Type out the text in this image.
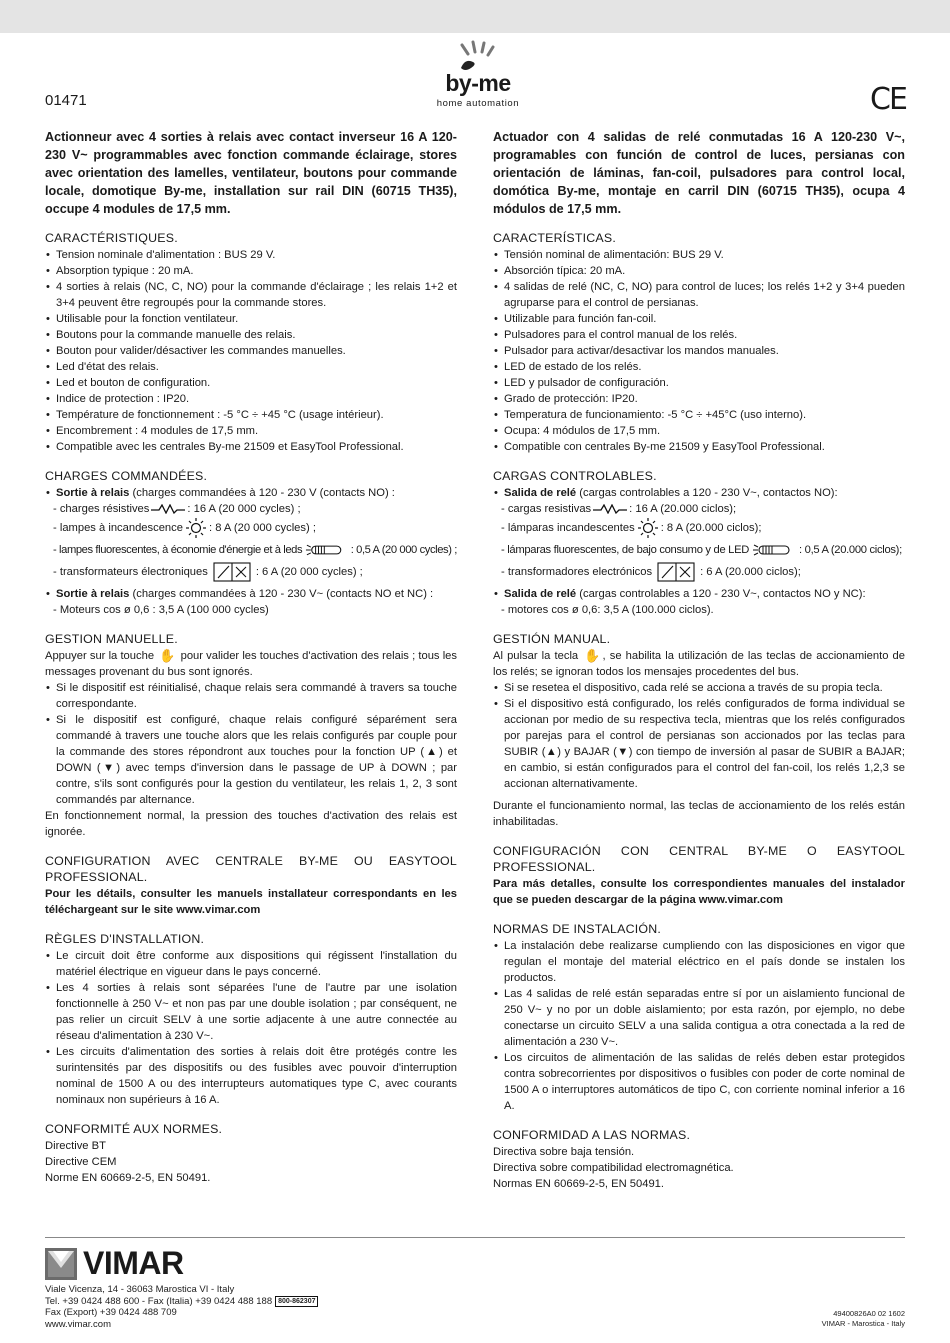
01471
by-me
home automation	CE

Actionneur avec 4 sorties à relais avec contact inverseur 16 A 120-230 V~ programmables avec fonction commande éclairage, stores avec orientation des lamelles, ventilateur, boutons pour commande locale, domotique By-me, installation sur rail DIN (60715 TH35), occupe 4 modules de 17,5 mm.

CARACTÉRISTIQUES.
• Tension nominale d'alimentation : BUS 29 V.
• Absorption typique : 20 mA.
• 4 sorties à relais (NC, C, NO) pour la commande d'éclairage ; les relais 1+2 et 3+4 peuvent être regroupés pour la commande stores.
• Utilisable pour la fonction ventilateur.
• Boutons pour la commande manuelle des relais.
• Bouton pour valider/désactiver les commandes manuelles.
• Led d'état des relais.
• Led et bouton de configuration.
• Indice de protection : IP20.
• Température de fonctionnement : -5 °C ÷ +45 °C (usage intérieur).
• Encombrement : 4 modules de 17,5 mm.
• Compatible avec les centrales By-me 21509 et EasyTool Professional.
CHARGES COMMANDÉES.
• Sortie à relais (charges commandées à 120 - 230 V (contacts NO) :
- charges résistives	: 16 A (20 000 cycles) ;
- lampes à incandescence : 8 A (20 000 cycles) ;
- lampes fluorescentes, à économie d'énergie et à leds	: 0,5 A (20 000 cycles) ;
- transformateurs électroniques	: 6 A (20 000 cycles) ;
• Sortie à relais (charges commandées à 120 - 230 V~ (contacts NO et NC) :
- Moteurs cos ø 0,6 : 3,5 A (100 000 cycles)
GESTION MANUELLE.

Appuyer sur la touche ✋ pour valider les touches d'activation des relais ; tous les messages provenant du bus sont ignorés.

• Si le dispositif est réinitialisé, chaque relais sera commandé à travers sa touche correspondante.
• Si le dispositif est configuré, chaque relais configuré séparément sera commandé à travers une touche alors que les relais configurés par couple pour la commande des stores répondront aux touches pour la fonction UP (▲) et DOWN (▼) avec temps d'inversion dans le passage de UP à DOWN ; par contre, s'ils sont configurés pour la gestion du ventilateur, les relais 1, 2, 3 sont commandés par alternance.

En fonctionnement normal, la pression des touches d'activation des relais est ignorée.

CONFIGURATION AVEC CENTRALE BY-ME OU EASYTOOL PROFESSIONAL.

Pour les détails, consulter les manuels installateur correspondants en les téléchargeant sur le site www.vimar.com

RÈGLES D'INSTALLATION.
• Le circuit doit être conforme aux dispositions qui régissent l'installation du matériel électrique en vigueur dans le pays concerné.
• Les 4 sorties à relais sont séparées l'une de l'autre par une isolation fonctionnelle à 250 V~ et non pas par une double isolation ; par conséquent, ne pas relier un circuit SELV à une sortie adjacente à une autre connectée au réseau d'alimentation à 230 V~.
• Les circuits d'alimentation des sorties à relais doit être protégés contre les surintensités par des dispositifs ou des fusibles avec pouvoir d'interruption nominal de 1500 A ou des interrupteurs automatiques type C, avec courants nominaux non supérieurs à 16 A.
CONFORMITÉ AUX NORMES.

Directive BT

Directive CEM

Norme EN 60669-2-5, EN 50491.

Actuador con 4 salidas de relé conmutadas 16 A 120-230 V~, programables con función de control de luces, persianas con orientación de láminas, fan-coil, pulsadores para control local, domótica By-me, montaje en carril DIN (60715 TH35), ocupa 4 módulos de 17,5 mm.

CARACTERÍSTICAS.
• Tensión nominal de alimentación: BUS 29 V.
• Absorción típica: 20 mA.
• 4 salidas de relé (NC, C, NO) para control de luces; los relés 1+2 y 3+4 pueden agruparse para el control de persianas.
• Utilizable para función fan-coil.
• Pulsadores para el control manual de los relés.
• Pulsador para activar/desactivar los mandos manuales.
• LED de estado de los relés.
• LED y pulsador de configuración.
• Grado de protección: IP20.
• Temperatura de funcionamiento: -5 °C ÷ +45°C (uso interno).
• Ocupa: 4 módulos de 17,5 mm.
• Compatible con centrales By-me 21509 y EasyTool Professional.
CARGAS CONTROLABLES.
• Salida de relé (cargas controlables a 120 - 230 V~, contactos NO):
- cargas resistivas	: 16 A (20.000 ciclos);
- lámparas incandescentes : 8 A (20.000 ciclos);
- lámparas fluorescentes, de bajo consumo y de LED	: 0,5 A (20.000 ciclos);
- transformadores electrónicos	: 6 A (20.000 ciclos);
• Salida de relé (cargas controlables a 120 - 230 V~, contactos NO y NC):
- motores cos ø 0,6: 3,5 A (100.000 ciclos).
GESTIÓN MANUAL.

Al pulsar la tecla ✋ , se habilita la utilización de las teclas de accionamiento de los relés; se ignoran todos los mensajes procedentes del bus.

• Si se resetea el dispositivo, cada relé se acciona a través de su propia tecla.
• Si el dispositivo está configurado, los relés configurados de forma individual se accionan por medio de su respectiva tecla, mientras que los relés configurados por parejas para el control de persianas son accionados por las teclas para SUBIR (▲) y BAJAR (▼) con tiempo de inversión al pasar de SUBIR a BAJAR; en cambio, si están configurados para el control del fan-coil, los relés 1,2,3 se accionan alternativamente.

Durante el funcionamiento normal, las teclas de accionamiento de los relés están inhabilitadas.

CONFIGURACIÓN CON CENTRAL BY-ME O EASYTOOL PROFESSIONAL.

Para más detalles, consulte los correspondientes manuales del instalador que se pueden descargar de la página www.vimar.com

NORMAS DE INSTALACIÓN.
• La instalación debe realizarse cumpliendo con las disposiciones en vigor que regulan el montaje del material eléctrico en el país donde se instalen los productos.
• Las 4 salidas de relé están separadas entre sí por un aislamiento funcional de 250 V~ y no por un doble aislamiento; por esta razón, por ejemplo, no debe conectarse un circuito SELV a una salida contigua a otra conectada a la red de alimentación a 230 V~.
• Los circuitos de alimentación de las salidas de relés deben estar protegidos contra sobrecorrientes por dispositivos o fusibles con poder de corte nominal de 1500 A o interruptores automáticos de tipo C, con corriente nominal inferior a 16 A.
CONFORMIDAD A LAS NORMAS.

Directiva sobre baja tensión.

Directiva sobre compatibilidad electromagnética.

Normas EN 60669-2-5, EN 50491.

VIMAR
Viale Vicenza, 14 - 36063 Marostica VI - Italy
Tel. +39 0424 488 600 - Fax (Italia) +39 0424 488 188 800-862307
Fax (Export) +39 0424 488 709
www.vimar.com
49400826A0 02 1602
VIMAR - Marostica - Italy
